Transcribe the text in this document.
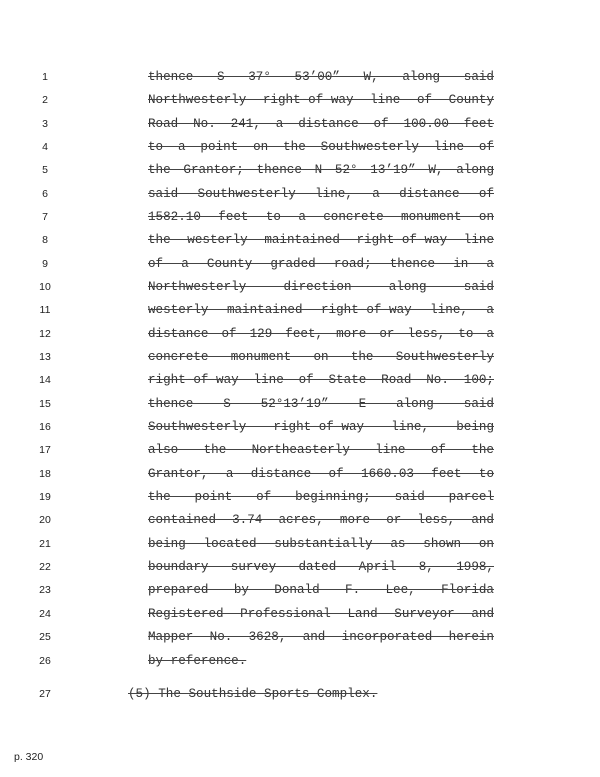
1	thence S 37° 53’00” W, along said
2	Northwesterly right-of-way line of County
3	Road No. 241, a distance of 100.00 feet
4	to a point on the Southwesterly line of
5	the Grantor; thence N 52° 13’19” W, along
6	said Southwesterly line, a distance of
7	1582.10 feet to a concrete monument on
8	the westerly maintained right-of-way line
9	of a County graded road; thence in a
10	Northwesterly direction along said
11	westerly maintained right-of-way line, a
12	distance of 129 feet, more or less, to a
13	concrete monument on the Southwesterly
14	right-of-way line of State Road No. 100;
15	thence S 52°13’19” E along said
16	Southwesterly right-of-way line, being
17	also the Northeasterly line of the
18	Grantor, a distance of 1660.03 feet to
19	the point of beginning; said parcel
20	contained 3.74 acres, more or less, and
21	being located substantially as shown on
22	boundary survey dated April 8, 1998,
23	prepared by Donald F. Lee, Florida
24	Registered Professional Land Surveyor and
25	Mapper No. 3628, and incorporated herein
26	by reference.
27	(5) The Southside Sports Complex.
p. 320
